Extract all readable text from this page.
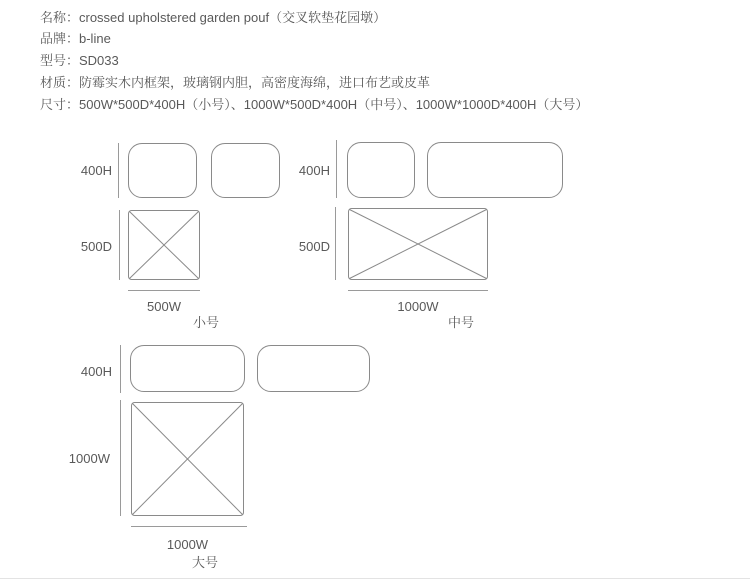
名称：crossed upholstered garden pouf（交叉软垫花园墩）
品牌：b-line
型号：SD033
材质：防霉实木内框架，玻璃钢内胆，高密度海绵，进口布艺或皮革
尺寸：500W*500D*400H（小号）、1000W*500D*400H（中号）、1000W*1000D*400H（大号）
400H
500D
500W
小号
400H
500D
1000W
中号
400H
1000W
1000W
大号
